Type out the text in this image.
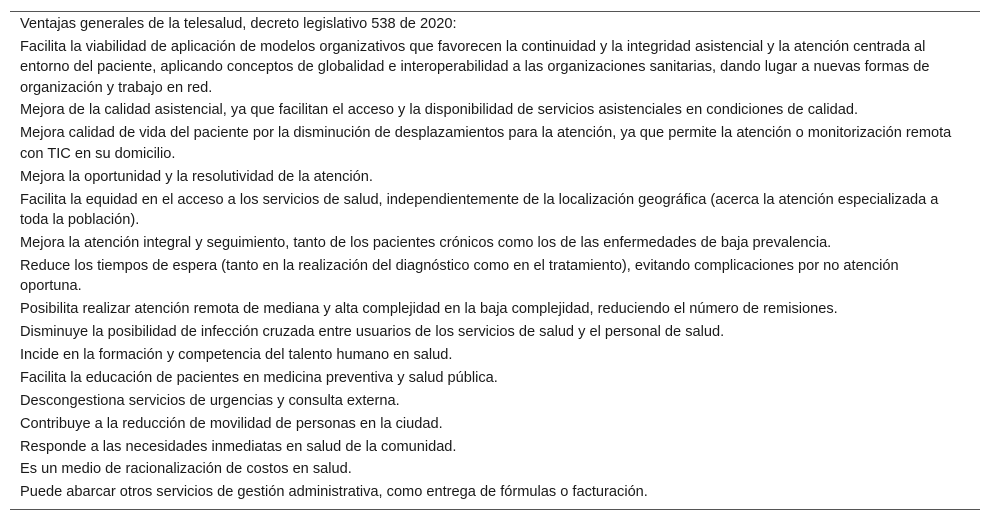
Ventajas generales de la telesalud, decreto legislativo 538 de 2020:
Facilita la viabilidad de aplicación de modelos organizativos que favorecen la continuidad y la integridad asistencial y la atención centrada al entorno del paciente, aplicando conceptos de globalidad e interoperabilidad a las organizaciones sanitarias, dando lugar a nuevas formas de organización y trabajo en red.
Mejora de la calidad asistencial, ya que facilitan el acceso y la disponibilidad de servicios asistenciales en condiciones de calidad.
Mejora calidad de vida del paciente por la disminución de desplazamientos para la atención, ya que permite la atención o monitorización remota con TIC en su domicilio.
Mejora la oportunidad y la resolutividad de la atención.
Facilita la equidad en el acceso a los servicios de salud, independientemente de la localización geográfica (acerca la atención especializada a toda la población).
Mejora la atención integral y seguimiento, tanto de los pacientes crónicos como los de las enfermedades de baja prevalencia.
Reduce los tiempos de espera (tanto en la realización del diagnóstico como en el tratamiento), evitando complicaciones por no atención oportuna.
Posibilita realizar atención remota de mediana y alta complejidad en la baja complejidad, reduciendo el número de remisiones.
Disminuye la posibilidad de infección cruzada entre usuarios de los servicios de salud y el personal de salud.
Incide en la formación y competencia del talento humano en salud.
Facilita la educación de pacientes en medicina preventiva y salud pública.
Descongestiona servicios de urgencias y consulta externa.
Contribuye a la reducción de movilidad de personas en la ciudad.
Responde a las necesidades inmediatas en salud de la comunidad.
Es un medio de racionalización de costos en salud.
Puede abarcar otros servicios de gestión administrativa, como entrega de fórmulas o facturación.
